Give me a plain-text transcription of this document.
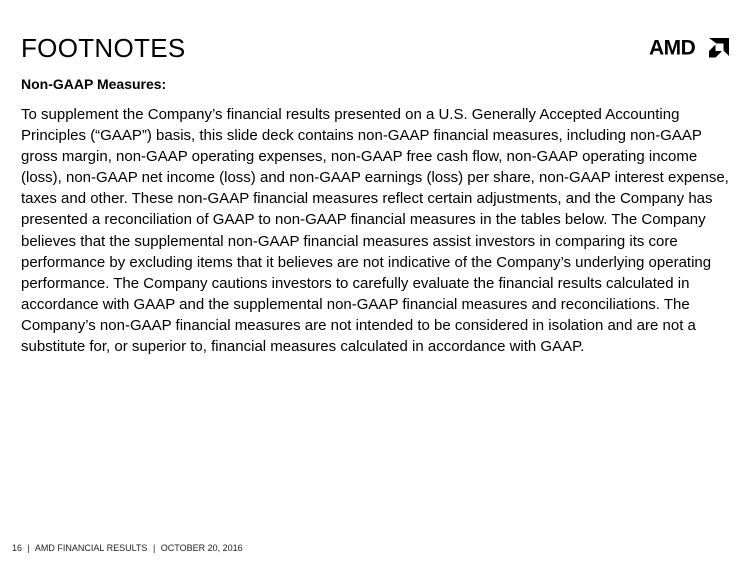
FOOTNOTES	AMD
Non-GAAP Measures:

To supplement the Company’s financial results presented on a U.S. Generally Accepted Accounting Principles (“GAAP”) basis, this slide deck contains non-GAAP financial measures, including non-GAAP gross margin, non-GAAP operating expenses, non-GAAP free cash flow, non-GAAP operating income (loss), non-GAAP net income (loss) and non-GAAP earnings (loss) per share, non-GAAP interest expense, taxes and other. These non-GAAP financial measures reflect certain adjustments, and the Company has presented a reconciliation of GAAP to non-GAAP financial measures in the tables below. The Company believes that the supplemental non-GAAP financial measures assist investors in comparing its core performance by excluding items that it believes are not indicative of the Company’s underlying operating performance. The Company cautions investors to carefully evaluate the financial results calculated in accordance with GAAP and the supplemental non-GAAP financial measures and reconciliations. The Company’s non-GAAP financial measures are not intended to be considered in isolation and are not a substitute for, or superior to, financial measures calculated in accordance with GAAP.

16 | AMD FINANCIAL RESULTS | OCTOBER 20, 2016
